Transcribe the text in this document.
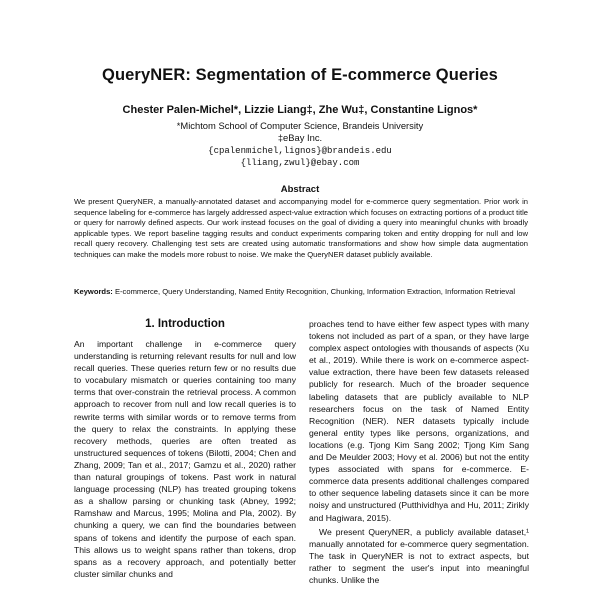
QueryNER: Segmentation of E-commerce Queries
Chester Palen-Michel*, Lizzie Liang‡, Zhe Wu‡, Constantine Lignos*
*Michtom School of Computer Science, Brandeis University
‡eBay Inc.
{cpalenmichel,lignos}@brandeis.edu
{lliang,zwul}@ebay.com
Abstract
We present QueryNER, a manually-annotated dataset and accompanying model for e-commerce query segmentation. Prior work in sequence labeling for e-commerce has largely addressed aspect-value extraction which focuses on extracting portions of a product title or query for narrowly defined aspects. Our work instead focuses on the goal of dividing a query into meaningful chunks with broadly applicable types. We report baseline tagging results and conduct experiments comparing token and entity dropping for null and low recall query recovery. Challenging test sets are created using automatic transformations and show how simple data augmentation techniques can make the models more robust to noise. We make the QueryNER dataset publicly available.
Keywords: E-commerce, Query Understanding, Named Entity Recognition, Chunking, Information Extraction, Information Retrieval
1. Introduction

An important challenge in e-commerce query understanding is returning relevant results for null and low recall queries. These queries return few or no results due to vocabulary mismatch or queries containing too many terms that over-constrain the retrieval process. A common approach to recover from null and low recall queries is to rewrite terms with similar words or to remove terms from the query to relax the constraints. In applying these recovery methods, queries are often treated as unstructured sequences of tokens (Bilotti, 2004; Chen and Zhang, 2009; Tan et al., 2017; Gamzu et al., 2020) rather than natural groupings of tokens. Past work in natural language processing (NLP) has treated grouping tokens as a shallow parsing or chunking task (Abney, 1992; Ramshaw and Marcus, 1995; Molina and Pla, 2002). By chunking a query, we can find the boundaries between spans of tokens and identify the purpose of each span. This allows us to weight spans rather than tokens, drop spans as a recovery approach, and potentially better cluster similar chunks and

proaches tend to have either few aspect types with many tokens not included as part of a span, or they have large complex aspect ontologies with thousands of aspects (Xu et al., 2019). While there is work on e-commerce aspect-value extraction, there have been few datasets released publicly for research. Much of the broader sequence labeling datasets that are publicly available to NLP researchers focus on the task of Named Entity Recognition (NER). NER datasets typically include general entity types like persons, organizations, and locations (e.g. Tjong Kim Sang 2002; Tjong Kim Sang and De Meulder 2003; Hovy et al. 2006) but not the entity types associated with spans for e-commerce. E-commerce data presents additional challenges compared to other sequence labeling datasets since it can be more noisy and unstructured (Putthividhya and Hu, 2011; Zirikly and Hagiwara, 2015).

We present QueryNER, a publicly available dataset,¹ manually annotated for e-commerce query segmentation. The task in QueryNER is not to extract aspects, but rather to segment the user's input into meaningful chunks. Unlike the
